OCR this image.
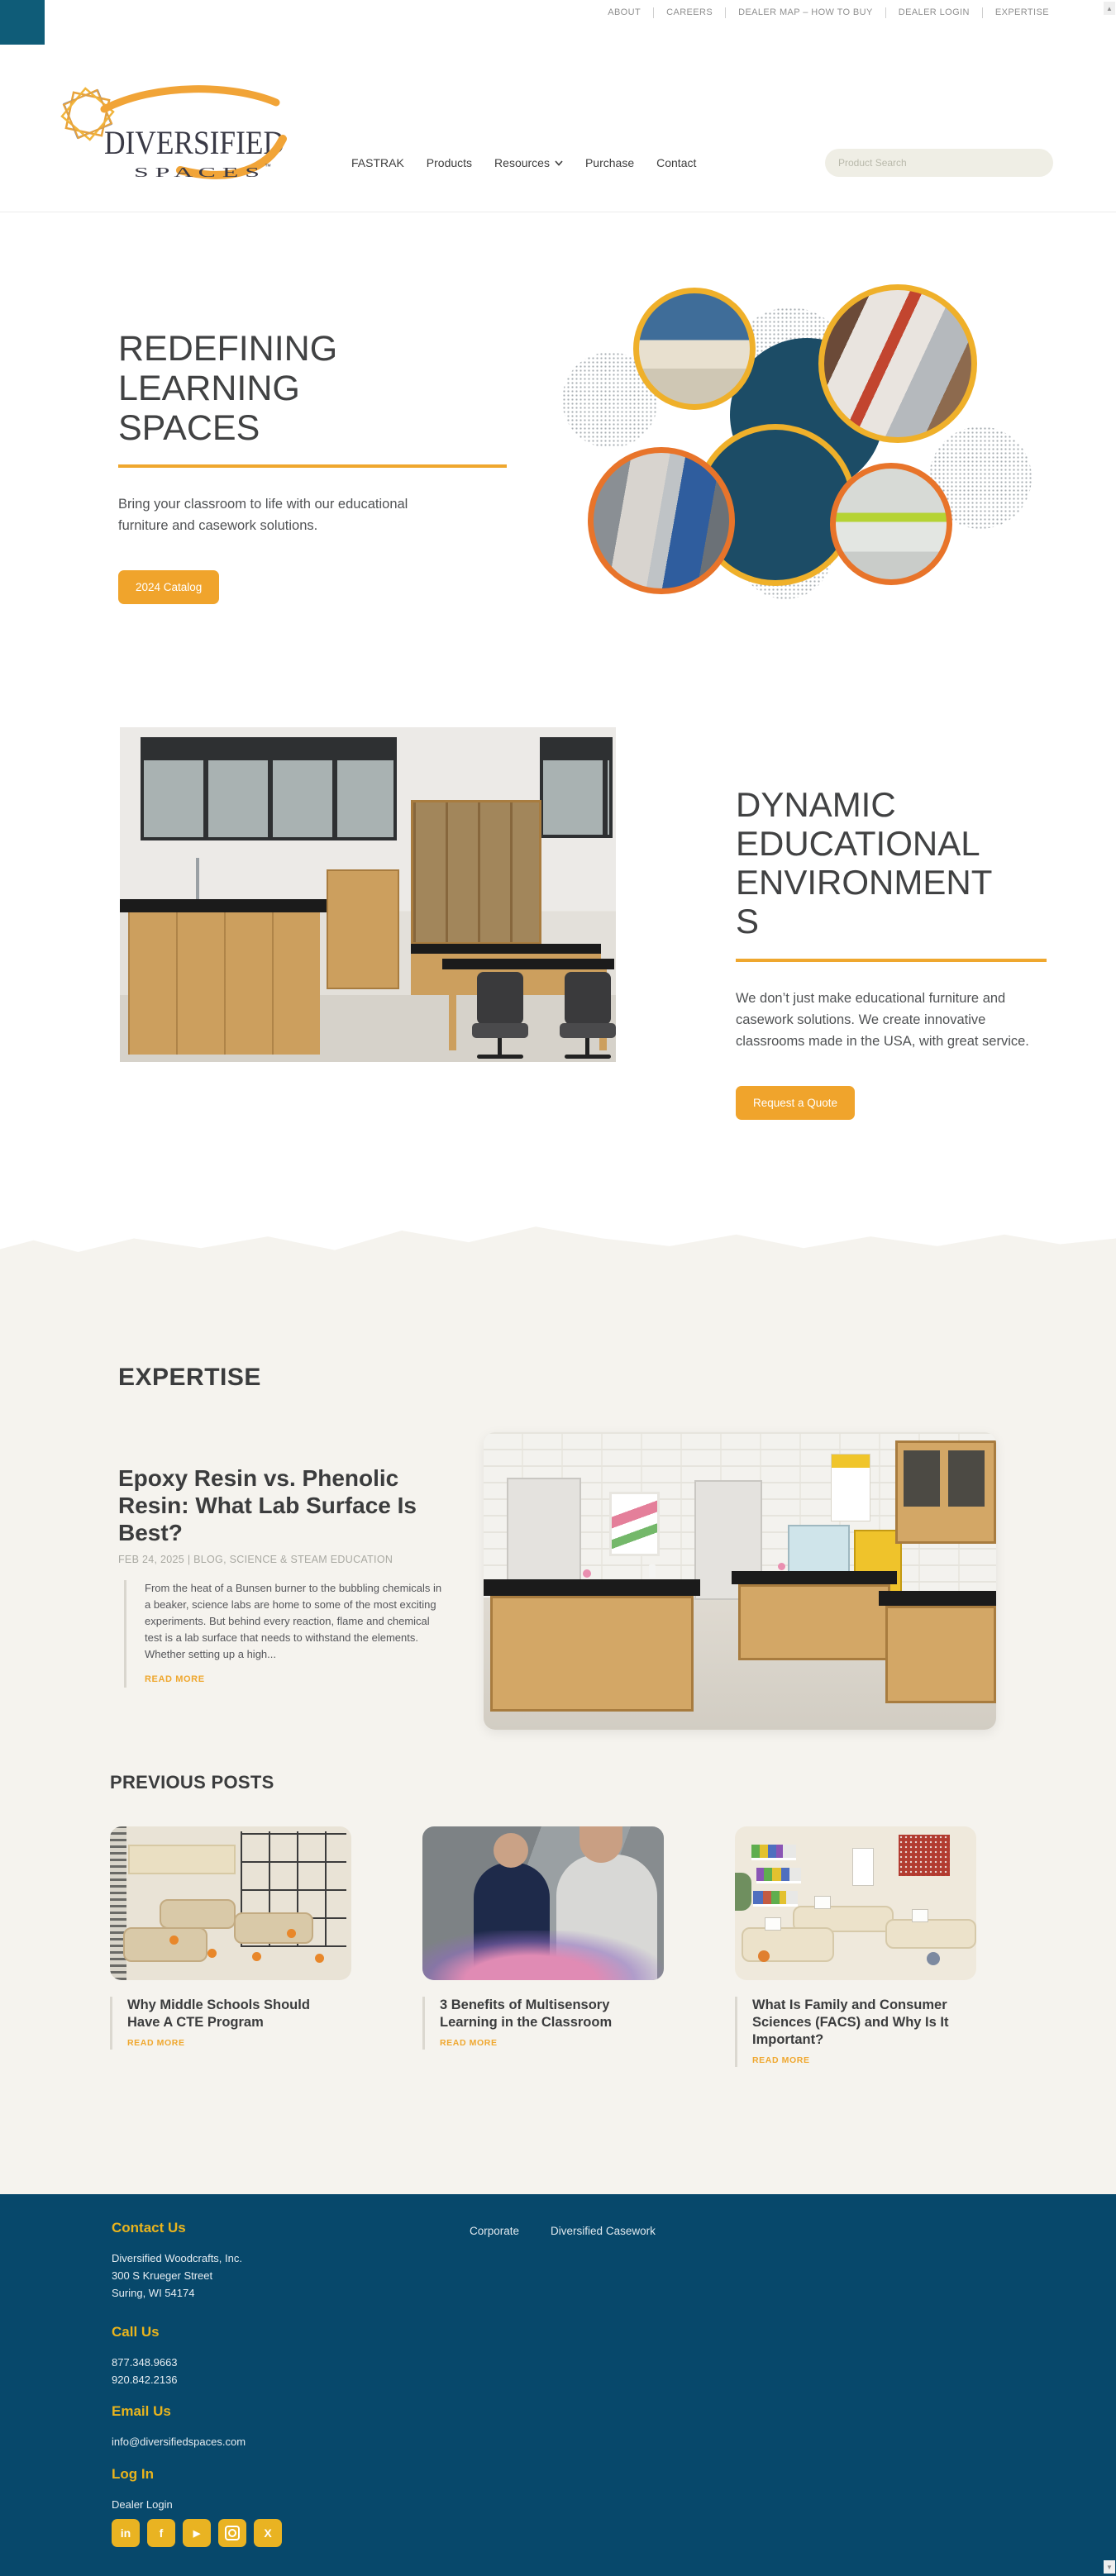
ABOUT	CAREERS	DEALER MAP – HOW TO BUY	DEALER LOGIN	EXPERTISE
DIVERSIFIED
S P A C E S ™	FASTRAK Products Resources	Purchase Contact
Product Search
REDEFINING
LEARNING
SPACES
Bring your classroom to life with our educational furniture and casework solutions.
2024 Catalog
DYNAMIC
EDUCATIONAL
ENVIRONMENT
S
We don’t just make educational furniture and casework solutions. We create innovative classrooms made in the USA, with great service.
Request a Quote
EXPERTISE
Epoxy Resin vs. Phenolic Resin: What Lab Surface Is Best?
FEB 24, 2025 | BLOG, SCIENCE & STEAM EDUCATION
From the heat of a Bunsen burner to the bubbling chemicals in a beaker, science labs are home to some of the most exciting experiments. But behind every reaction, flame and chemical test is a lab surface that needs to withstand the elements. Whether setting up a high...
READ MORE
PREVIOUS POSTS
Why Middle Schools Should Have A CTE Program
READ MORE
3 Benefits of Multisensory Learning in the Classroom
READ MORE
What Is Family and Consumer Sciences (FACS) and Why Is It Important?
READ MORE
Contact Us
Diversified Woodcrafts, Inc.
300 S Krueger Street
Suring, WI 54174
Call Us
877.348.9663
920.842.2136
Email Us
info@diversifiedspaces.com
Log In
Dealer Login
Corporate	Diversified Casework
in f	▶	X
▲
▼
